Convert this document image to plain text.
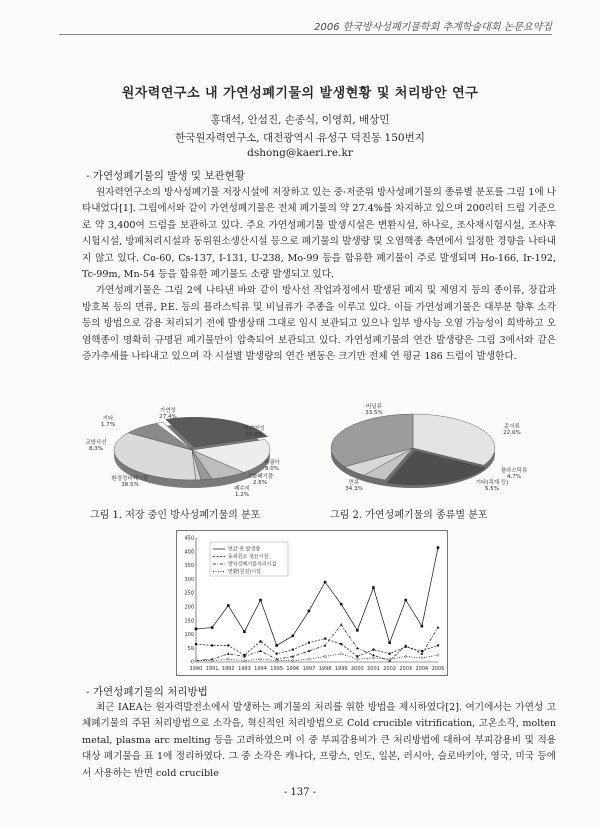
2006 한국방사성폐기물학회 추계학술대회 논문요약집
원자력연구소 내 가연성폐기물의 발생현황 및 처리방안 연구
홍대석, 안섬진, 손종식, 이영희, 배상민
한국원자력연구소, 대전광역시 유성구 덕진동 150번지
dshong@kaeri.re.kr
- 가연성폐기물의 발생 및 보관현황

원자력연구소의 방사성폐기물 저장시설에 저장하고 있는 중·저준위 방사성폐기물의 종류별 분포를 그림 1에 나타내었다[1]. 그림에서와 같이 가연성폐기물은 전체 폐기물의 약 27.4%를 차지하고 있으며 200리터 드럼 기준으로 약 3,400여 드럼을 보관하고 있다. 주요 가연성폐기물 발생시설은 변환시설, 하나로, 조사재시험시설, 조사후시험시설, 방폐처리시설과 동위원소생산시설 등으로 폐기물의 발생량 및 오염핵종 측면에서 일정한 경향을 나타내지 않고 있다. Co-60, Cs-137, I-131, U-238, Mo-99 등을 함유한 폐기물이 주로 발생되며 Ho-166, Ir-192, Tc-99m, Mn-54 등을 함유한 폐기물도 소량 발생되고 있다.

가연성폐기물은 그림 2에 나타낸 바와 같이 방사선 작업과정에서 발생된 폐지 및 제염지 등의 종이류, 장갑과 방호복 등의 면류, P.E. 등의 플라스틱류 및 비닐류가 주종을 이루고 있다. 이들 가연성폐기물은 대부분 향후 소각 등의 방법으로 감용 처리되기 전에 발생상태 그대로 임시 보관되고 있으나 일부 방사능 오염 가능성이 희박하고 오염핵종이 명확히 규명된 폐기물만이 압축되어 보관되고 있다. 가연성폐기물의 연간 발생량은 그림 3에서와 같은 증가추세를 나타내고 있으며 각 시설별 발생량의 연간 변동은 크기만 전체 연 평균 186 드럼이 발생한다.

가연성
27.4%
비가연성
20.8%
폐필터
8.0%
고화폐기물
2.5%
폐수지
1.2%
환경정비폐기물
38.5%
교방사선
8.3%
기타
1.7%
그림 1. 저장 중인 방사성폐기물의 분포
비닐류
33.5%
종이류
22.0%
플라스틱류
4.7%
기타(목재 등)
5.5%
면류
34.3%
그림 2. 가연성폐기물의 종류별 분포
0
50
100
150
200
250
300
350
400
450
1990 1991 1992 1993 1994 1995 1996 1997 1998 1999 2000 2001 2002 2003 2004 2005
연간 총 발생량
동위원소 생산시설
방사성폐기물처리시설
변환(원전)시설
- 가연성폐기물의 처리방법

최근 IAEA는 원자력발전소에서 발생하는 폐기물의 처리를 위한 방법을 제시하였다[2]. 여기에서는 가연성 고체폐기물의 주된 처리방법으로 소각을, 혁신적인 처리방법으로 Cold crucible vitrification, 고온소각, molten metal, plasma arc melting 등을 고려하였으며 이 중 부피감용비가 큰 처리방법에 대하여 부피감용비 및 적용대상 폐기물을 표 1에 정리하였다. 그 중 소각은 캐나다, 프랑스, 인도, 일본, 러시아, 슬로바키아, 영국, 미국 등에서 사용하는 반면 cold crucible

- 137 -
